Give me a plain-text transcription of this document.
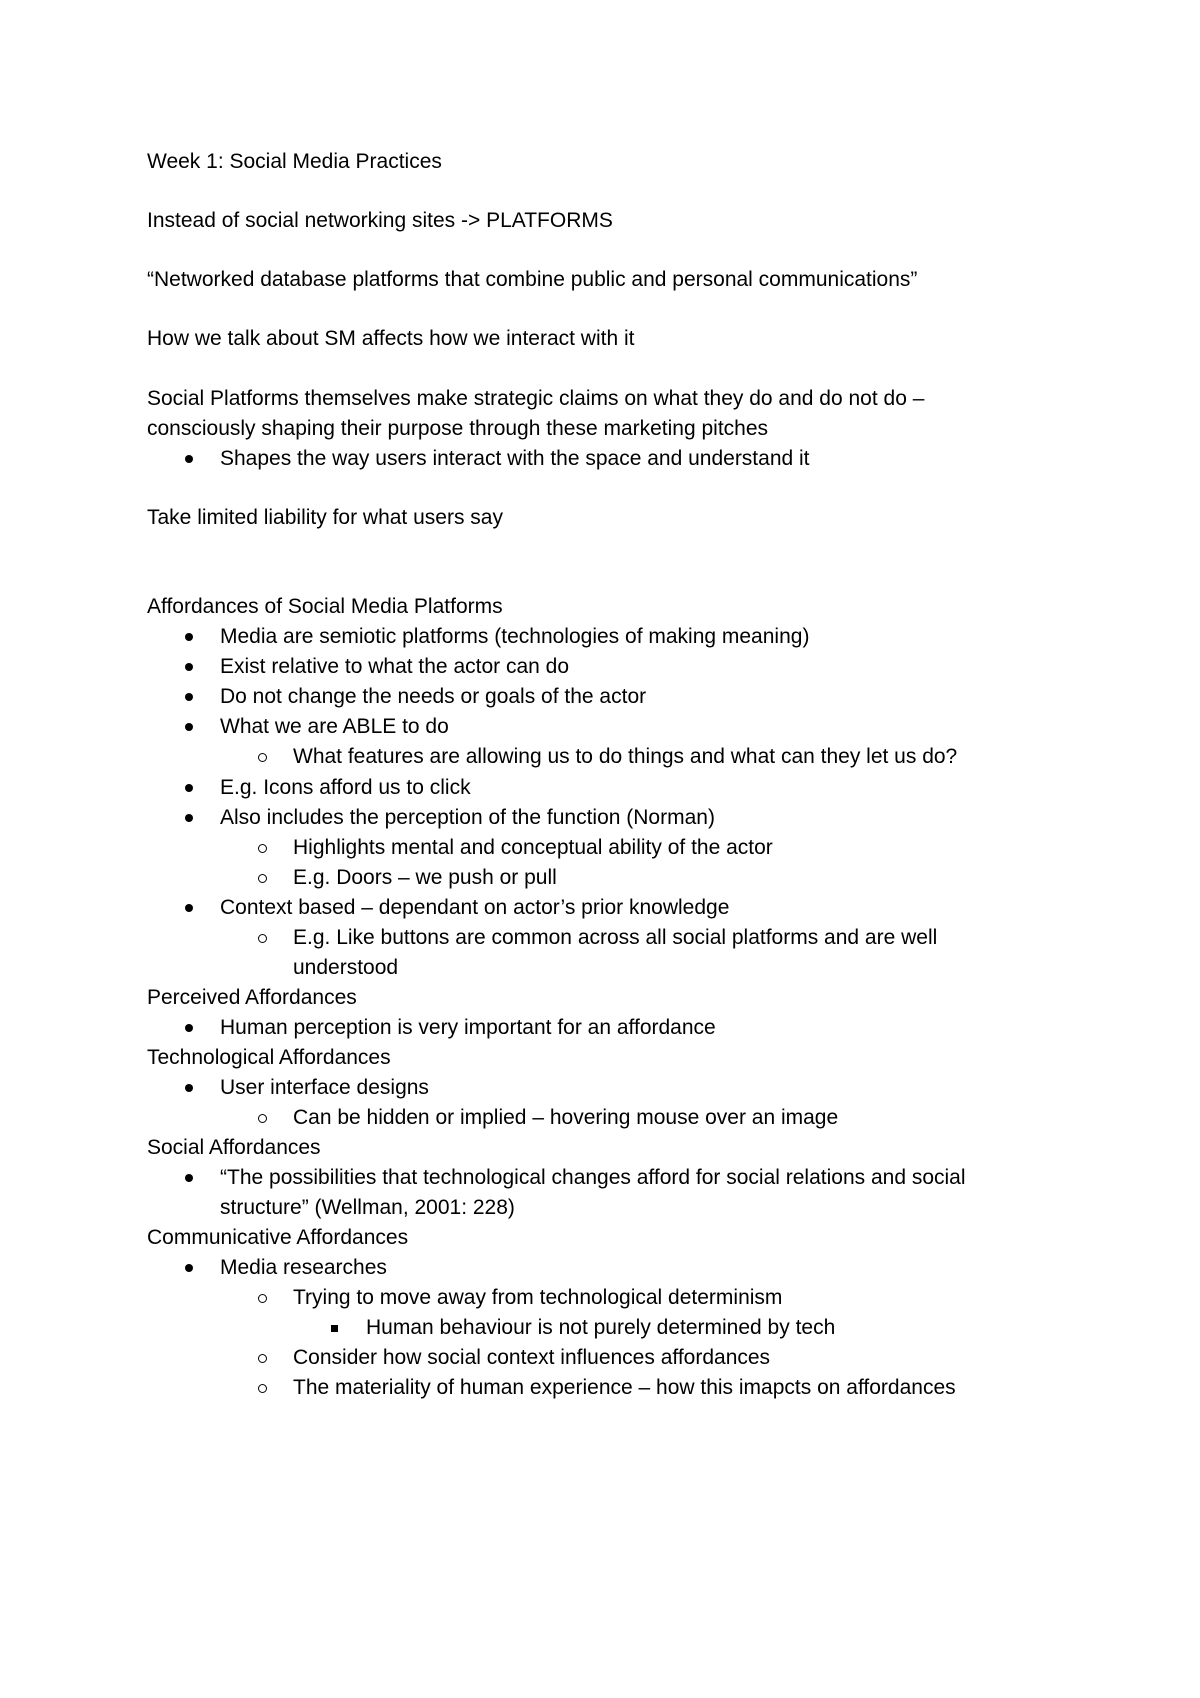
Week 1: Social Media Practices
Instead of social networking sites -> PLATFORMS
“Networked database platforms that combine public and personal communications”
How we talk about SM affects how we interact with it
Social Platforms themselves make strategic claims on what they do and do not do –
consciously shaping their purpose through these marketing pitches
Shapes the way users interact with the space and understand it
Take limited liability for what users say
Affordances of Social Media Platforms
Media are semiotic platforms (technologies of making meaning)
Exist relative to what the actor can do
Do not change the needs or goals of the actor
What we are ABLE to do
What features are allowing us to do things and what can they let us do?
E.g. Icons afford us to click
Also includes the perception of the function (Norman)
Highlights mental and conceptual ability of the actor
E.g. Doors – we push or pull
Context based – dependant on actor’s prior knowledge
E.g. Like buttons are common across all social platforms and are well
understood
Perceived Affordances
Human perception is very important for an affordance
Technological Affordances
User interface designs
Can be hidden or implied – hovering mouse over an image
Social Affordances
“The possibilities that technological changes afford for social relations and social
structure” (Wellman, 2001: 228)
Communicative Affordances
Media researches
Trying to move away from technological determinism
Human behaviour is not purely determined by tech
Consider how social context influences affordances
The materiality of human experience – how this imapcts on affordances
